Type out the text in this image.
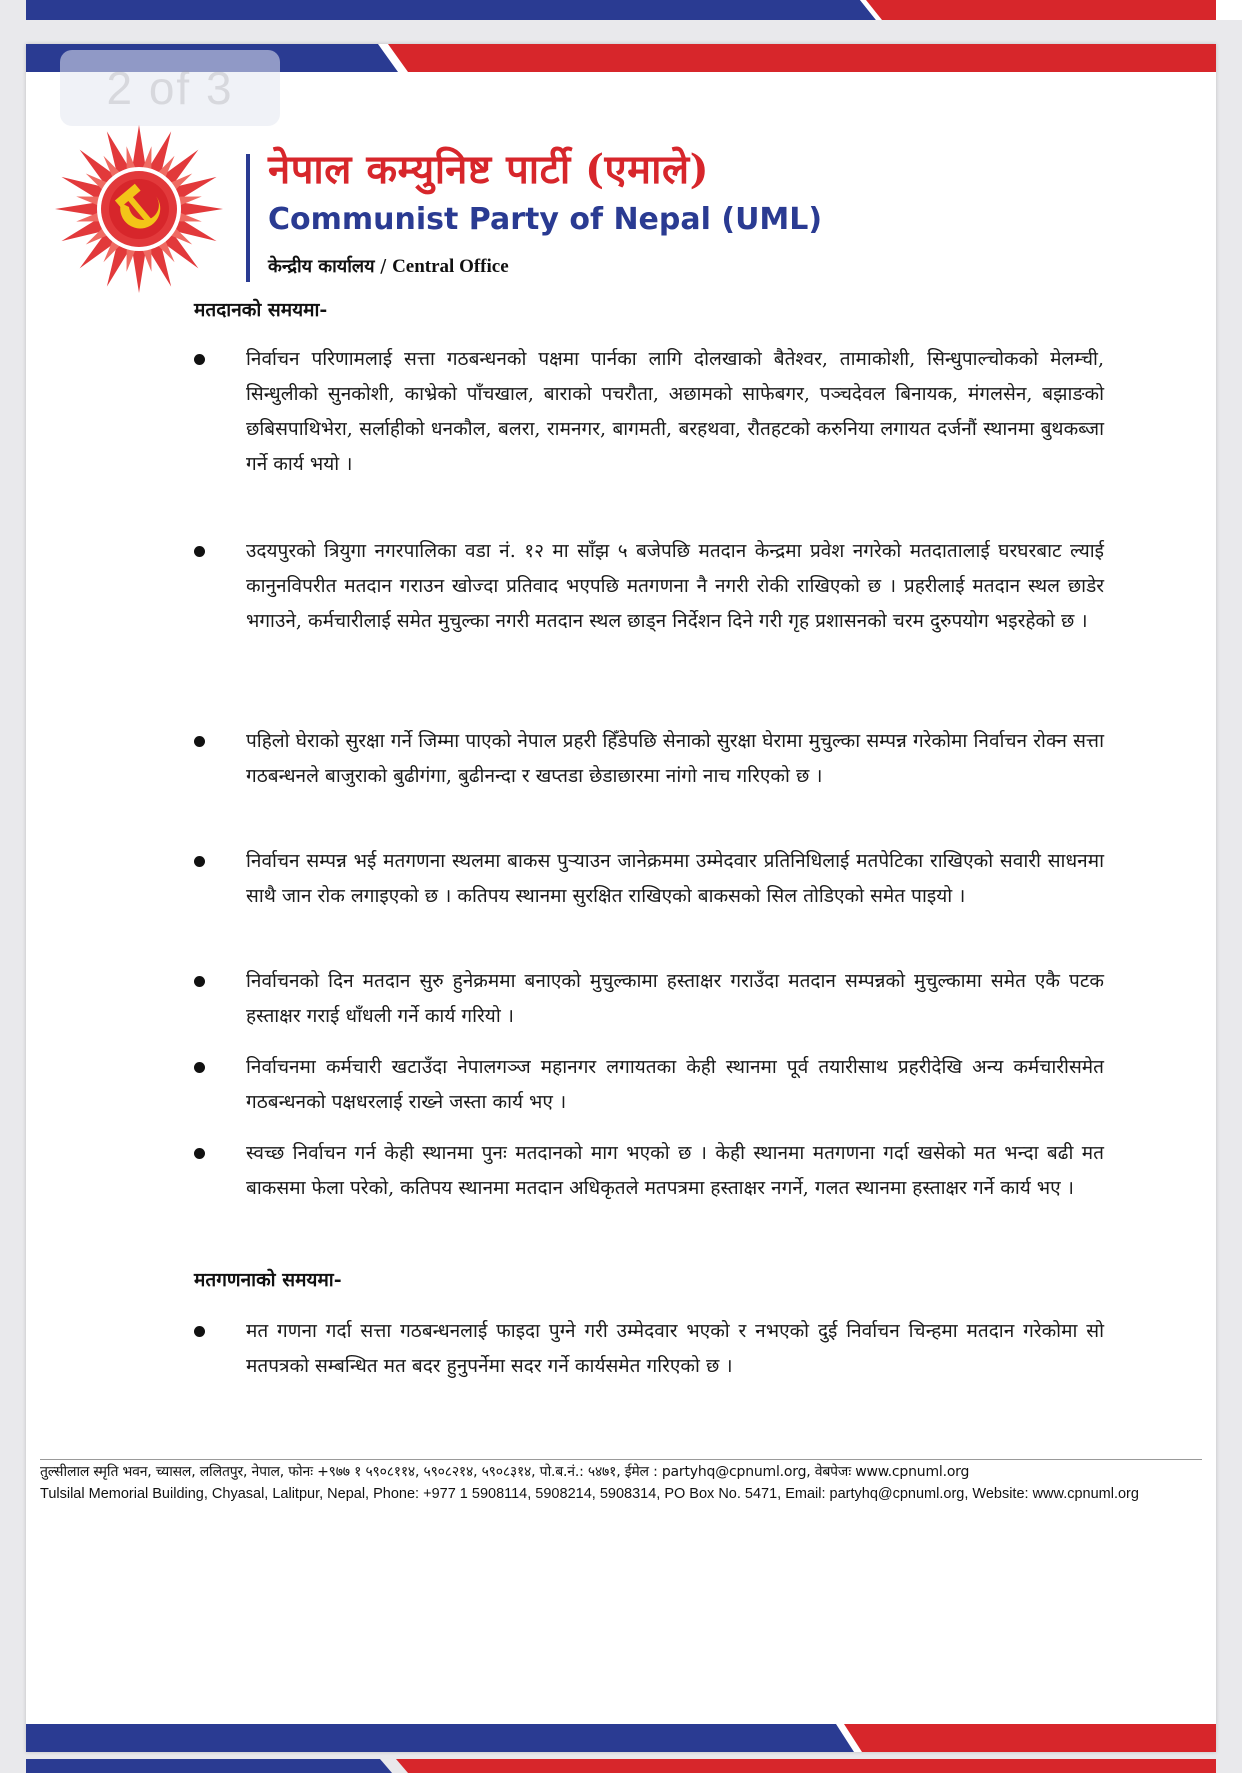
2 of 3
नेपाल कम्युनिष्ट पार्टी (एमाले)
Communist Party of Nepal (UML)
केन्द्रीय कार्यालय / Central Office
मतदानको समयमा-
निर्वाचन परिणामलाई सत्ता गठबन्धनको पक्षमा पार्नका लागि दोलखाको बैतेश्वर, तामाकोशी, सिन्धुपाल्चोकको मेलम्ची, सिन्धुलीको सुनकोशी, काभ्रेको पाँचखाल, बाराको पचरौता, अछामको साफेबगर, पञ्चदेवल बिनायक, मंगलसेन, बझाङको छबिसपाथिभेरा, सर्लाहीको धनकौल, बलरा, रामनगर, बागमती, बरहथवा, रौतहटको करुनिया लगायत दर्जनौं स्थानमा बुथकब्जा गर्ने कार्य भयो ।
उदयपुरको त्रियुगा नगरपालिका वडा नं. १२ मा साँझ ५ बजेपछि मतदान केन्द्रमा प्रवेश नगरेको मतदातालाई घरघरबाट ल्याई कानुनविपरीत मतदान गराउन खोज्दा प्रतिवाद भएपछि मतगणना नै नगरी रोकी राखिएको छ । प्रहरीलाई मतदान स्थल छाडेर भगाउने, कर्मचारीलाई समेत मुचुल्का नगरी मतदान स्थल छाड्न निर्देशन दिने गरी गृह प्रशासनको चरम दुरुपयोग भइरहेको छ ।
पहिलो घेराको सुरक्षा गर्ने जिम्मा पाएको नेपाल प्रहरी हिँडेपछि सेनाको सुरक्षा घेरामा मुचुल्का सम्पन्न गरेकोमा निर्वाचन रोक्न सत्ता गठबन्धनले बाजुराको बुढीगंगा, बुढीनन्दा र खप्तडा छेडाछारमा नांगो नाच गरिएको छ ।
निर्वाचन सम्पन्न भई मतगणना स्थलमा बाकस पुऱ्याउन जानेक्रममा उम्मेदवार प्रतिनिधिलाई मतपेटिका राखिएको सवारी साधनमा साथै जान रोक लगाइएको छ । कतिपय स्थानमा सुरक्षित राखिएको बाकसको सिल तोडिएको समेत पाइयो ।
निर्वाचनको दिन मतदान सुरु हुनेक्रममा बनाएको मुचुल्कामा हस्ताक्षर गराउँदा मतदान सम्पन्नको मुचुल्कामा समेत एकै पटक हस्ताक्षर गराई धाँधली गर्ने कार्य गरियो ।
निर्वाचनमा कर्मचारी खटाउँदा नेपालगञ्ज महानगर लगायतका केही स्थानमा पूर्व तयारीसाथ प्रहरीदेखि अन्य कर्मचारीसमेत गठबन्धनको पक्षधरलाई राख्ने जस्ता कार्य भए ।
स्वच्छ निर्वाचन गर्न केही स्थानमा पुनः मतदानको माग भएको छ । केही स्थानमा मतगणना गर्दा खसेको मत भन्दा बढी मत बाकसमा फेला परेको, कतिपय स्थानमा मतदान अधिकृतले मतपत्रमा हस्ताक्षर नगर्ने, गलत स्थानमा हस्ताक्षर गर्ने कार्य भए ।
मतगणनाको समयमा-
मत गणना गर्दा सत्ता गठबन्धनलाई फाइदा पुग्ने गरी उम्मेदवार भएको र नभएको दुई निर्वाचन चिन्हमा मतदान गरेकोमा सो मतपत्रको सम्बन्धित मत बदर हुनुपर्नेमा सदर गर्ने कार्यसमेत गरिएको छ ।
तुल्सीलाल स्मृति भवन, च्यासल, ललितपुर, नेपाल, फोनः +९७७ १ ५९०८११४, ५९०८२१४, ५९०८३१४, पो.ब.नं.: ५४७१, ईमेल : partyhq@cpnuml.org, वेबपेजः www.cpnuml.org
Tulsilal Memorial Building, Chyasal, Lalitpur, Nepal, Phone: +977 1 5908114, 5908214, 5908314, PO Box No. 5471, Email: partyhq@cpnuml.org, Website: www.cpnuml.org
